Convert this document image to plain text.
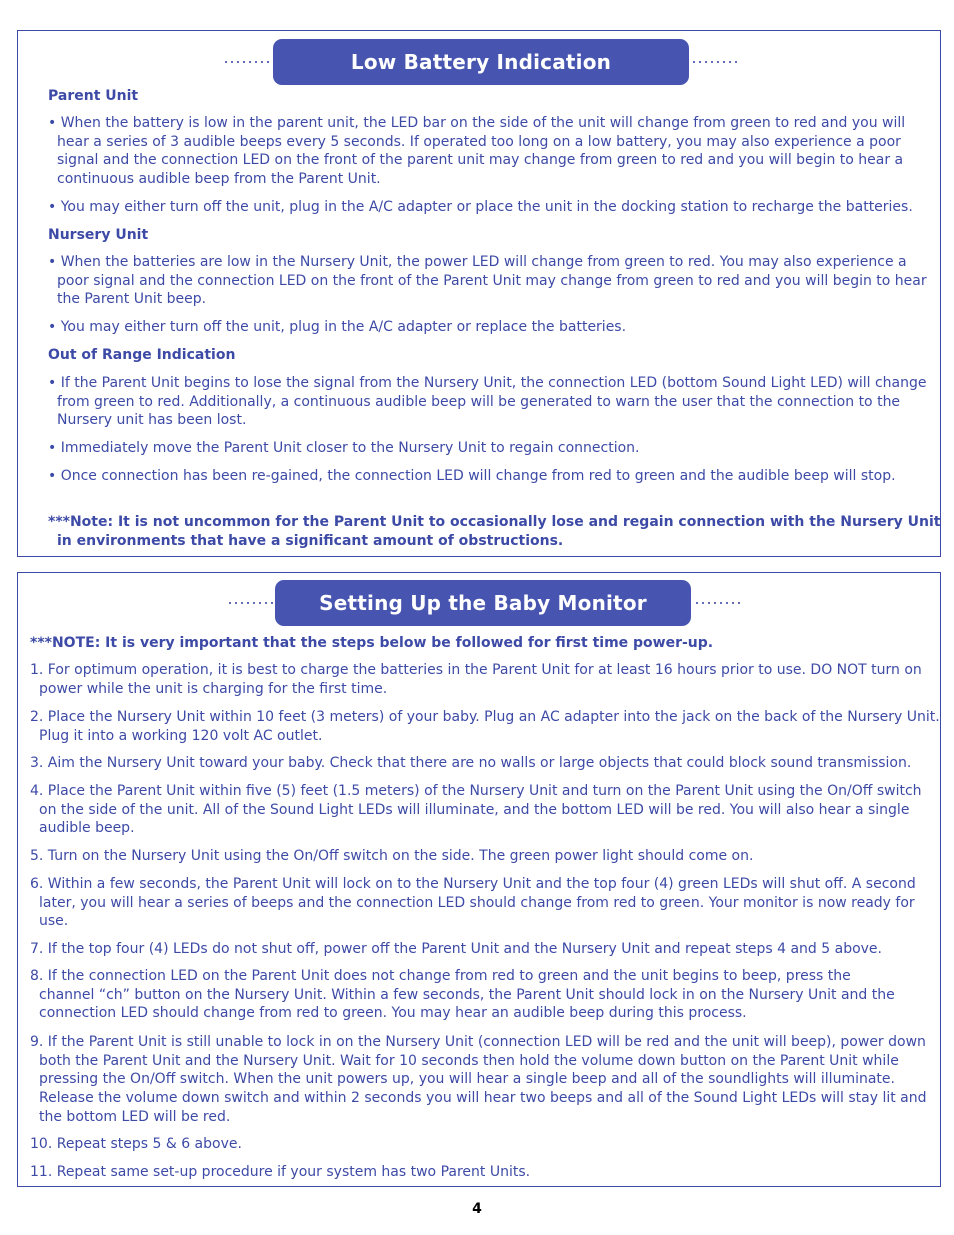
Low Battery Indication
Parent Unit
• When the battery is low in the parent unit, the LED bar on the side of the unit will change from green to red and you will hear a series of 3 audible beeps every 5 seconds. If operated too long on a low battery, you may also experience a poor signal and the connection LED on the front of the parent unit may change from green to red and you will begin to hear a continuous audible beep from the Parent Unit.
• You may either turn off the unit, plug in the A/C adapter or place the unit in the docking station to recharge the batteries.
Nursery Unit
• When the batteries are low in the Nursery Unit, the power LED will change from green to red. You may also experience a poor signal and the connection LED on the front of the Parent Unit may change from green to red and you will begin to hear the Parent Unit beep.
• You may either turn off the unit, plug in the A/C adapter or replace the batteries.
Out of Range Indication
• If the Parent Unit begins to lose the signal from the Nursery Unit, the connection LED (bottom Sound Light LED) will change from green to red. Additionally, a continuous audible beep will be generated to warn the user that the connection to the Nursery unit has been lost.
• Immediately move the Parent Unit closer to the Nursery Unit to regain connection.
• Once connection has been re-gained, the connection LED will change from red to green and the audible beep will stop.
***Note: It is not uncommon for the Parent Unit to occasionally lose and regain connection with the Nursery Unit in environments that have a significant amount of obstructions.
Setting Up the Baby Monitor
***NOTE: It is very important that the steps below be followed for first time power-up.
1. For optimum operation, it is best to charge the batteries in the Parent Unit for at least 16 hours prior to use. DO NOT turn on power while the unit is charging for the first time.
2. Place the Nursery Unit within 10 feet (3 meters) of your baby. Plug an AC adapter into the jack on the back of the Nursery Unit. Plug it into a working 120 volt AC outlet.
3. Aim the Nursery Unit toward your baby. Check that there are no walls or large objects that could block sound transmission.
4. Place the Parent Unit within five (5) feet (1.5 meters) of the Nursery Unit and turn on the Parent Unit using the On/Off switch on the side of the unit. All of the Sound Light LEDs will illuminate, and the bottom LED will be red. You will also hear a single audible beep.
5. Turn on the Nursery Unit using the On/Off switch on the side. The green power light should come on.
6. Within a few seconds, the Parent Unit will lock on to the Nursery Unit and the top four (4) green LEDs will shut off. A second later, you will hear a series of beeps and the connection LED should change from red to green. Your monitor is now ready for use.
7. If the top four (4) LEDs do not shut off, power off the Parent Unit and the Nursery Unit and repeat steps 4 and 5 above.
8. If the connection LED on the Parent Unit does not change from red to green and the unit begins to beep, press the channel “ch” button on the Nursery Unit. Within a few seconds, the Parent Unit should lock in on the Nursery Unit and the connection LED should change from red to green. You may hear an audible beep during this process.
9. If the Parent Unit is still unable to lock in on the Nursery Unit (connection LED will be red and the unit will beep), power down both the Parent Unit and the Nursery Unit. Wait for 10 seconds then hold the volume down button on the Parent Unit while pressing the On/Off switch. When the unit powers up, you will hear a single beep and all of the soundlights will illuminate. Release the volume down switch and within 2 seconds you will hear two beeps and all of the Sound Light LEDs will stay lit and the bottom LED will be red.
10. Repeat steps 5 & 6 above.
11. Repeat same set-up procedure if your system has two Parent Units.
4
